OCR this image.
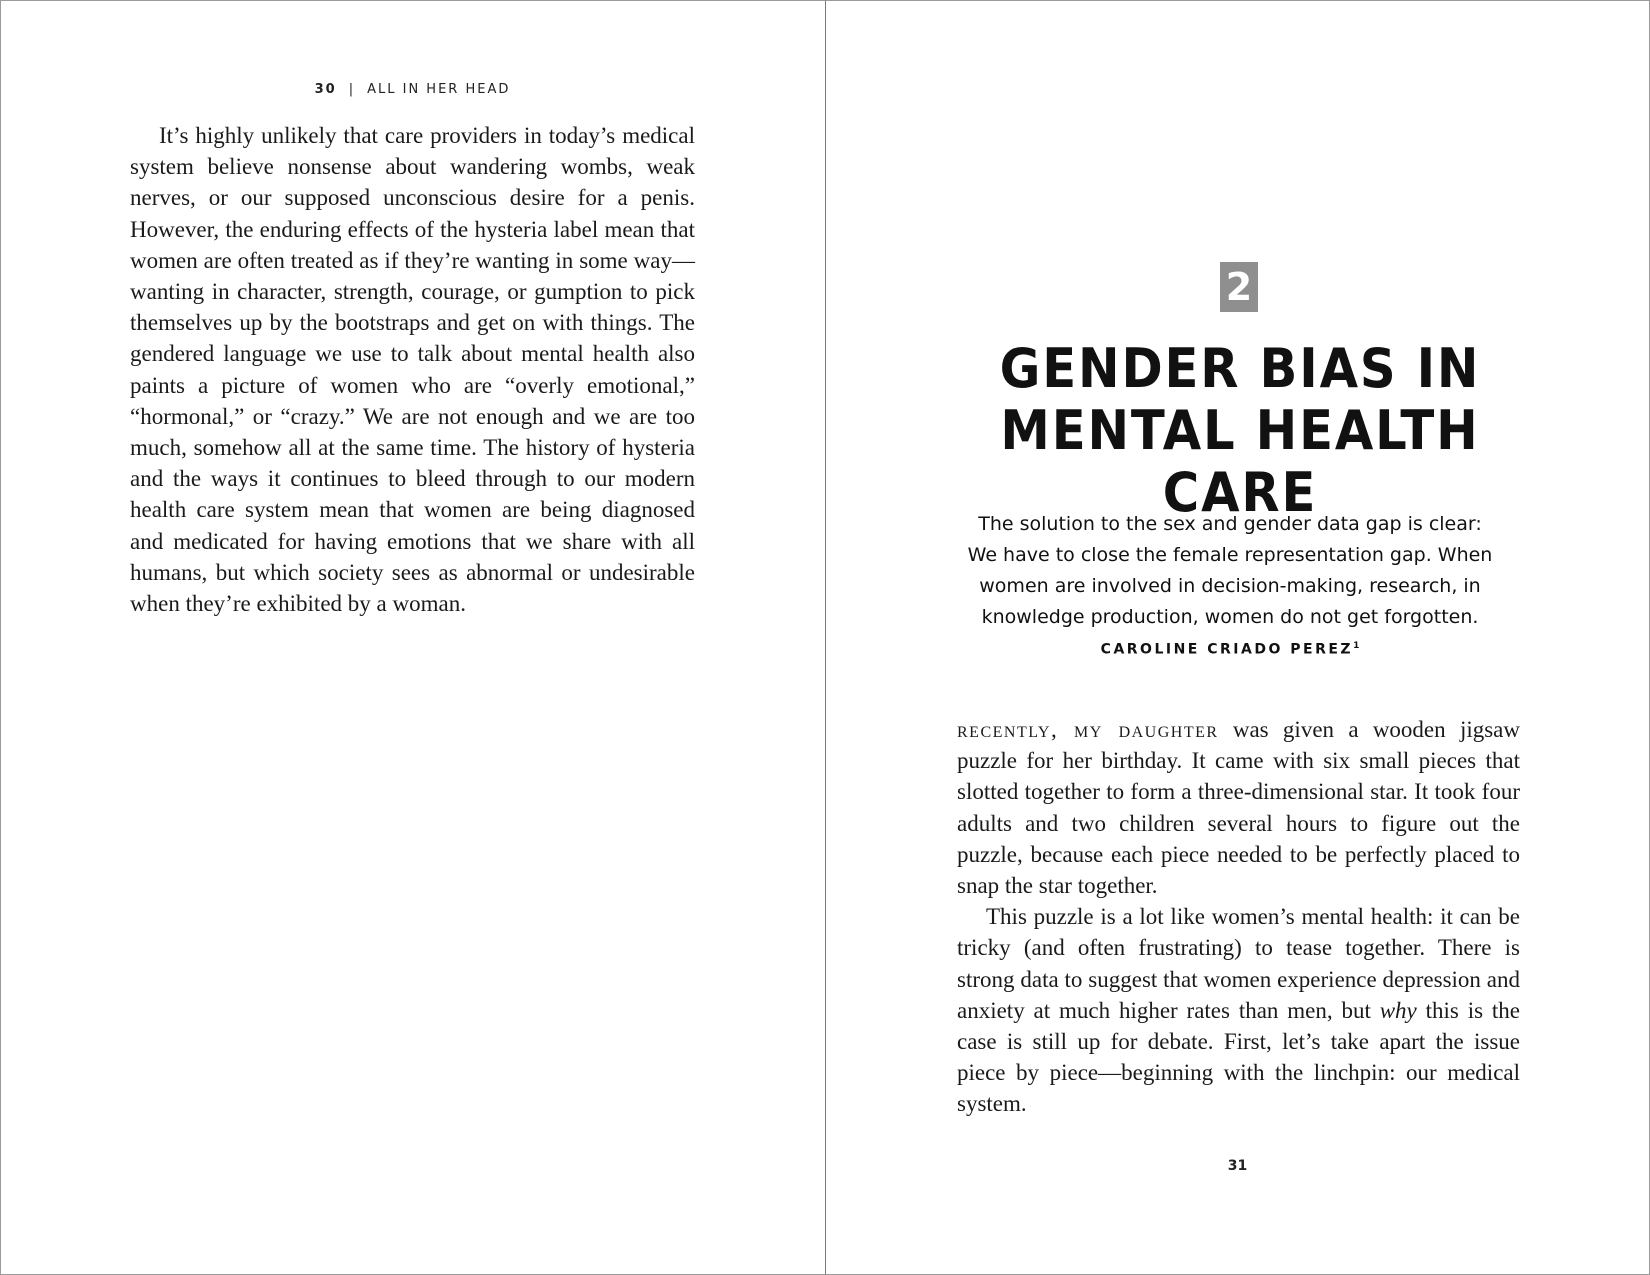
30 | ALL IN HER HEAD

It’s highly unlikely that care providers in today’s medical system believe nonsense about wandering wombs, weak nerves, or our supposed unconscious desire for a penis. However, the enduring effects of the hysteria label mean that women are often treated as if they’re wanting in some way—wanting in character, strength, courage, or gumption to pick themselves up by the bootstraps and get on with things. The gendered language we use to talk about mental health also paints a picture of women who are “overly emotional,” “hormonal,” or “crazy.” We are not enough and we are too much, somehow all at the same time. The history of hysteria and the ways it continues to bleed through to our modern health care system mean that women are being diagnosed and medicated for having emotions that we share with all humans, but which society sees as abnormal or undesirable when they’re exhibited by a woman.

2
GENDER BIAS IN
MENTAL HEALTH CARE
The solution to the sex and gender data gap is clear:
We have to close the female representation gap. When
women are involved in decision-making, research, in
knowledge production, women do not get forgotten.
CAROLINE CRIADO PEREZ$^1$

recently, my daughter was given a wooden jigsaw puzzle for her birthday. It came with six small pieces that slotted together to form a three-dimensional star. It took four adults and two children several hours to figure out the puzzle, because each piece needed to be perfectly placed to snap the star together.

This puzzle is a lot like women’s mental health: it can be tricky (and often frustrating) to tease together. There is strong data to suggest that women experience depression and anxiety at much higher rates than men, but why this is the case is still up for debate. First, let’s take apart the issue piece by piece—beginning with the linchpin: our medical system.

31
